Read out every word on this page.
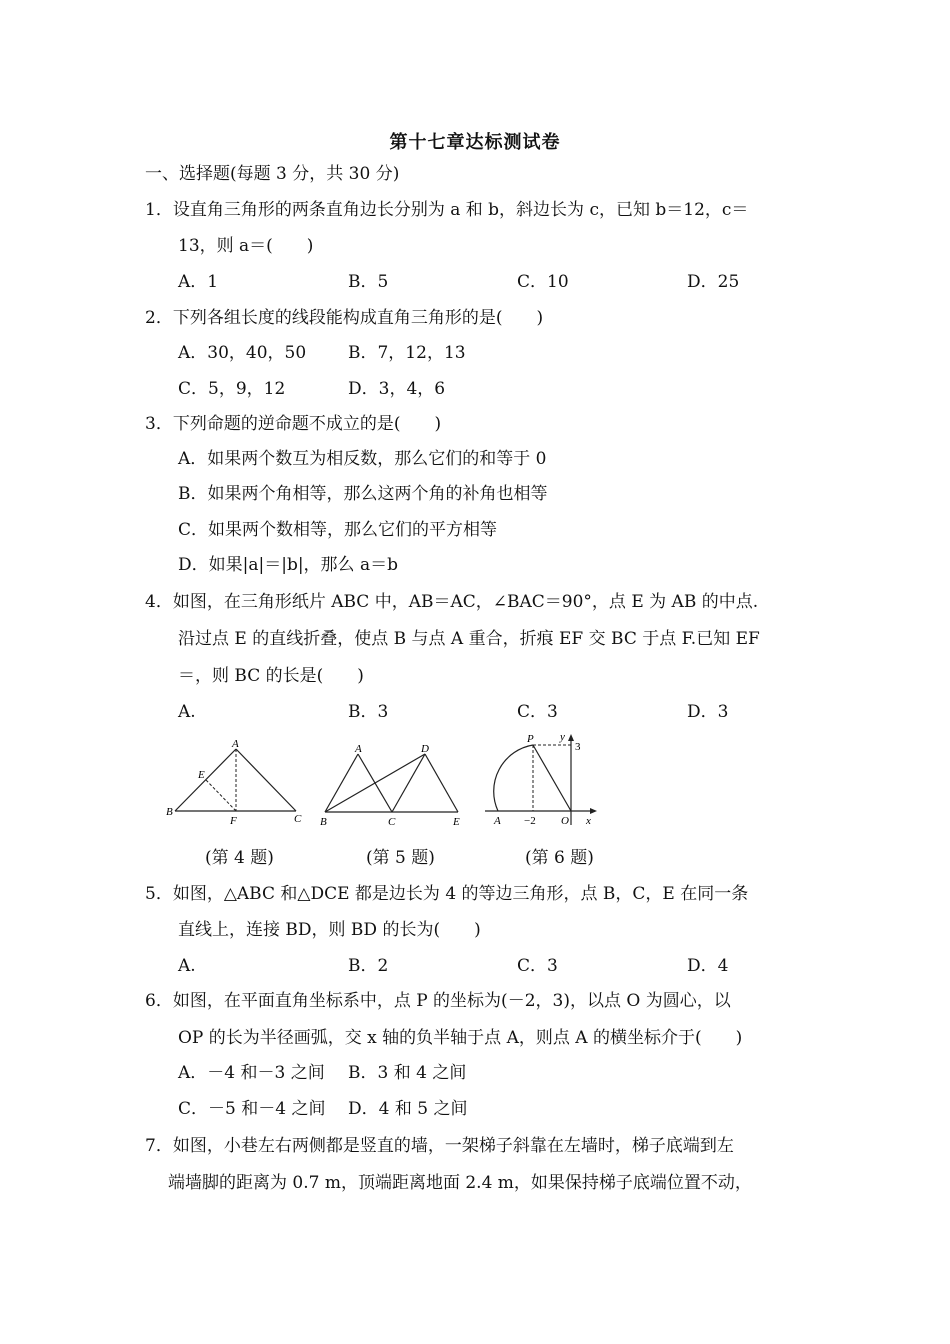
第十七章达标测试卷
一、选择题(每题 3 分，共 30 分)
1．设直角三角形的两条直角边长分别为 a 和 b，斜边长为 c，已知 b＝12，c＝
13，则 a＝(　　)
A．1	B．5	C．10	D．25
2．下列各组长度的线段能构成直角三角形的是(　　)
A．30，40，50 B．7，12，13
C．5，9，12	D．3，4，6
3．下列命题的逆命题不成立的是(　　)
A．如果两个数互为相反数，那么它们的和等于 0
B．如果两个角相等，那么这两个角的补角也相等
C．如果两个数相等，那么它们的平方相等
D．如果|a|＝|b|，那么 a＝b
4．如图，在三角形纸片 ABC 中，AB＝AC，∠BAC＝90°，点 E 为 AB 的中点.
沿过点 E 的直线折叠，使点 B 与点 A 重合，折痕 EF 交 BC 于点 F.已知 EF
＝，则 BC 的长是(　　)
A.	B．3	C．3	D．3
A
E
B
F	C
A	D
B	C	E
P y
3
A −2 O x
(第 4 题)	(第 5 题)	(第 6 题)
5．如图，△ABC 和△DCE 都是边长为 4 的等边三角形，点 B，C，E 在同一条
直线上，连接 BD，则 BD 的长为(　　)
A.	B．2	C．3	D．4
6．如图，在平面直角坐标系中，点 P 的坐标为(－2，3)，以点 O 为圆心，以
OP 的长为半径画弧，交 x 轴的负半轴于点 A，则点 A 的横坐标介于(　　)
A．－4 和－3 之间 B．3 和 4 之间
C．－5 和－4 之间 D．4 和 5 之间
7．如图，小巷左右两侧都是竖直的墙，一架梯子斜靠在左墙时，梯子底端到左
端墙脚的距离为 0.7 m，顶端距离地面 2.4 m，如果保持梯子底端位置不动，
